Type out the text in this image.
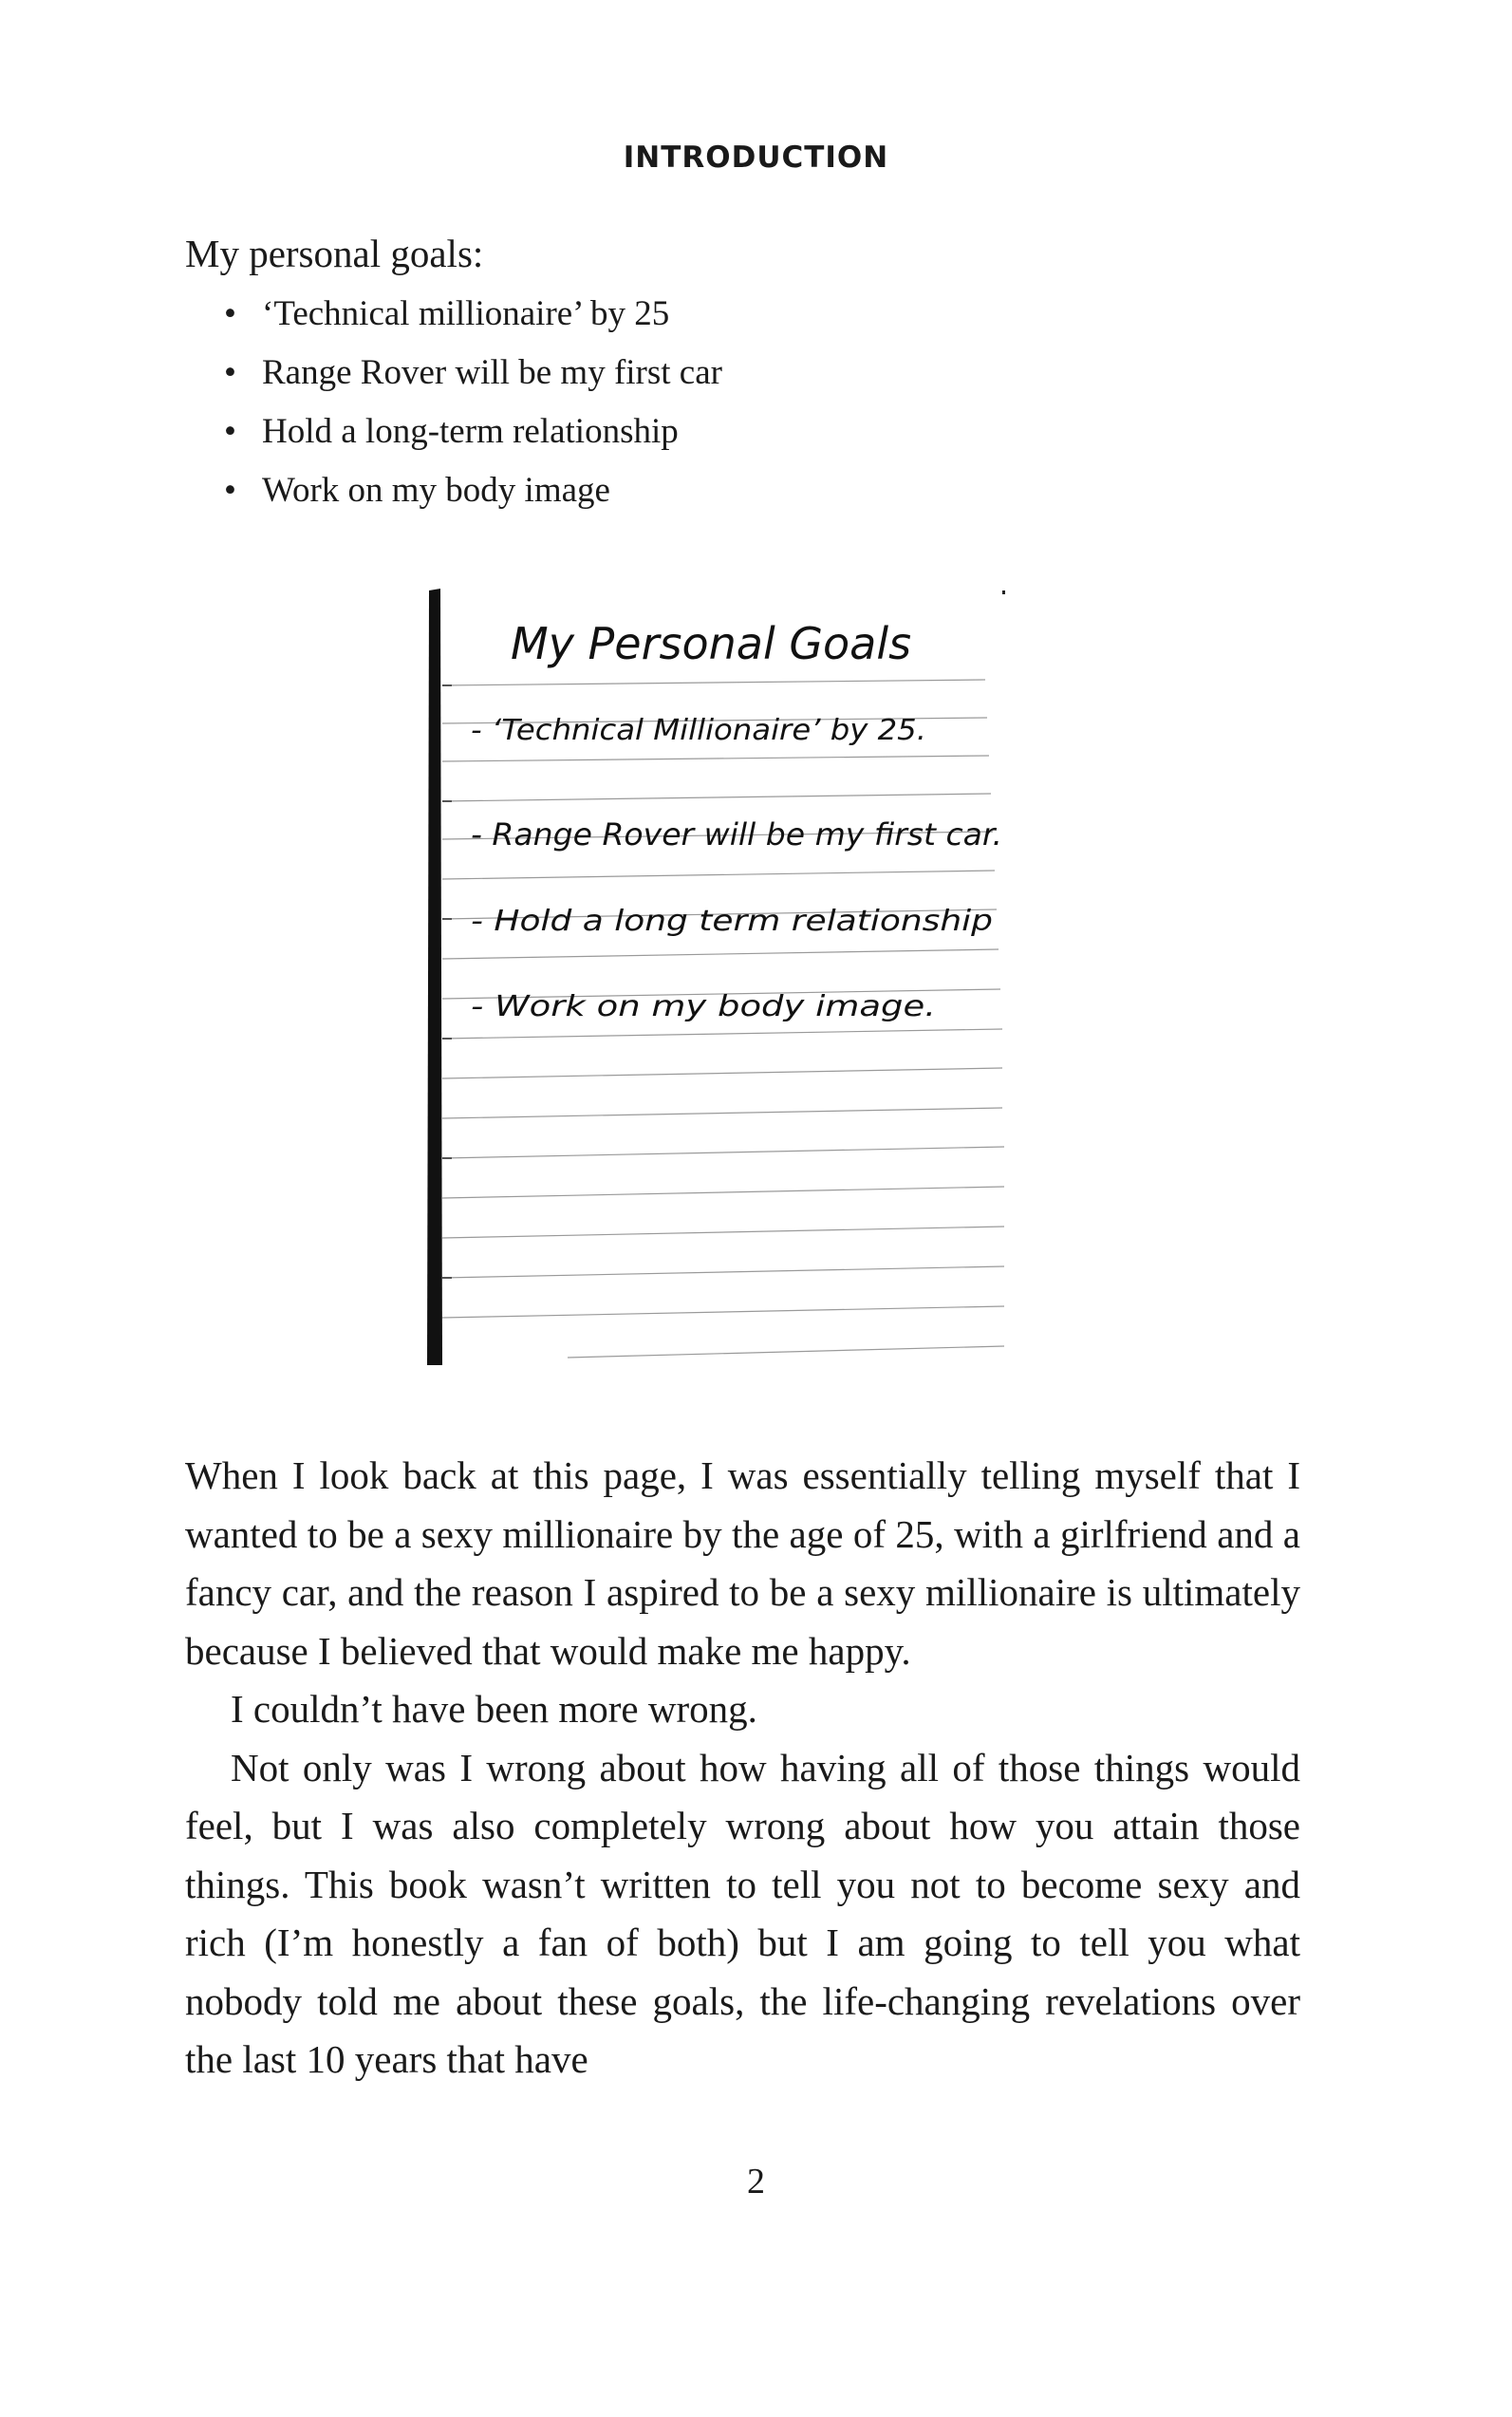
INTRODUCTION
My personal goals:
• ‘Technical millionaire’ by 25
• Range Rover will be my first car
• Hold a long-term relationship
• Work on my body image
My Personal Goals
- ‘Technical Millionaire’ by 25.
- Range Rover will be my first car.
- Hold a long term relationship
- Work on my body image.

When I look back at this page, I was essentially telling myself that I wanted to be a sexy millionaire by the age of 25, with a girlfriend and a fancy car, and the reason I aspired to be a sexy millionaire is ultimately because I believed that would make me happy.

I couldn’t have been more wrong.

Not only was I wrong about how having all of those things would feel, but I was also completely wrong about how you attain those things. This book wasn’t written to tell you not to become sexy and rich (I’m honestly a fan of both) but I am going to tell you what nobody told me about these goals, the life-changing revelations over the last 10 years that have

2
